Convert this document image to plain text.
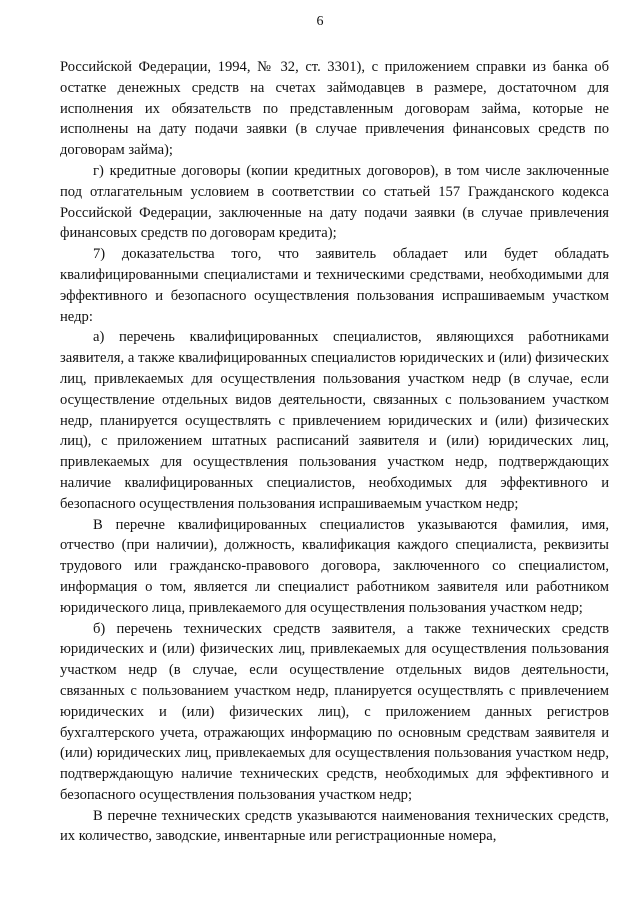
6

Российской Федерации, 1994, № 32, ст. 3301), с приложением справки из банка об остатке денежных средств на счетах займодавцев в размере, достаточном для исполнения их обязательств по представленным договорам займа, которые не исполнены на дату подачи заявки (в случае привлечения финансовых средств по договорам займа);

г) кредитные договоры (копии кредитных договоров), в том числе заключенные под отлагательным условием в соответствии со статьей 157 Гражданского кодекса Российской Федерации, заключенные на дату подачи заявки (в случае привлечения финансовых средств по договорам кредита);

7) доказательства того, что заявитель обладает или будет обладать квалифицированными специалистами и техническими средствами, необходимыми для эффективного и безопасного осуществления пользования испрашиваемым участком недр:

а) перечень квалифицированных специалистов, являющихся работниками заявителя, а также квалифицированных специалистов юридических и (или) физических лиц, привлекаемых для осуществления пользования участком недр (в случае, если осуществление отдельных видов деятельности, связанных с пользованием участком недр, планируется осуществлять с привлечением юридических и (или) физических лиц), с приложением штатных расписаний заявителя и (или) юридических лиц, привлекаемых для осуществления пользования участком недр, подтверждающих наличие квалифицированных специалистов, необходимых для эффективного и безопасного осуществления пользования испрашиваемым участком недр;

В перечне квалифицированных специалистов указываются фамилия, имя, отчество (при наличии), должность, квалификация каждого специалиста, реквизиты трудового или гражданско-правового договора, заключенного со специалистом, информация о том, является ли специалист работником заявителя или работником юридического лица, привлекаемого для осуществления пользования участком недр;

б) перечень технических средств заявителя, а также технических средств юридических и (или) физических лиц, привлекаемых для осуществления пользования участком недр (в случае, если осуществление отдельных видов деятельности, связанных с пользованием участком недр, планируется осуществлять с привлечением юридических и (или) физических лиц), с приложением данных регистров бухгалтерского учета, отражающих информацию по основным средствам заявителя и (или) юридических лиц, привлекаемых для осуществления пользования участком недр, подтверждающую наличие технических средств, необходимых для эффективного и безопасного осуществления пользования участком недр;

В перечне технических средств указываются наименования технических средств, их количество, заводские, инвентарные или регистрационные номера,
